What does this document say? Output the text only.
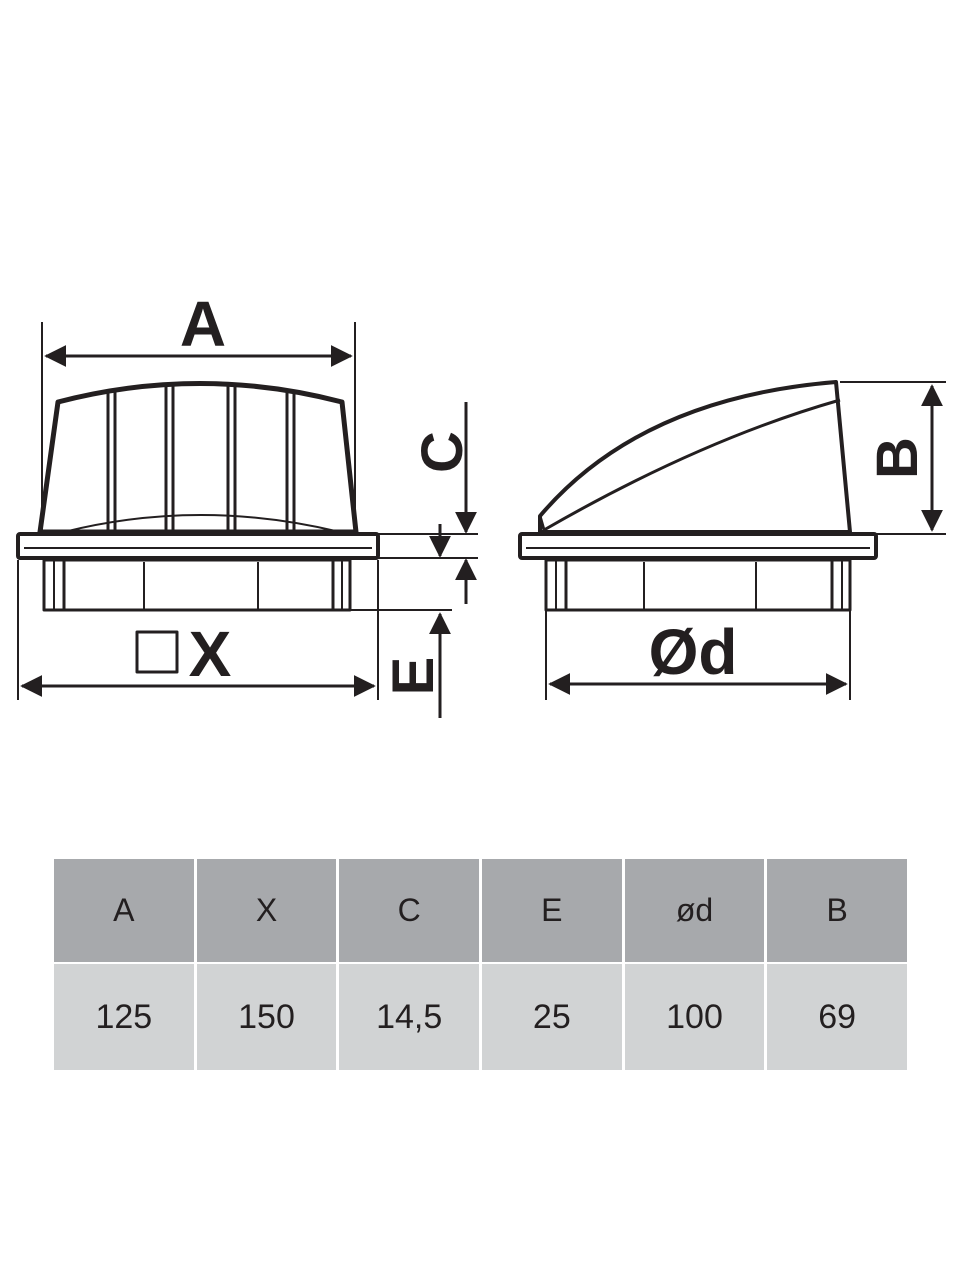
A
X
C
E
B
Ød
A	X	C	E	ød	B
125	150	14,5	25	100	69
